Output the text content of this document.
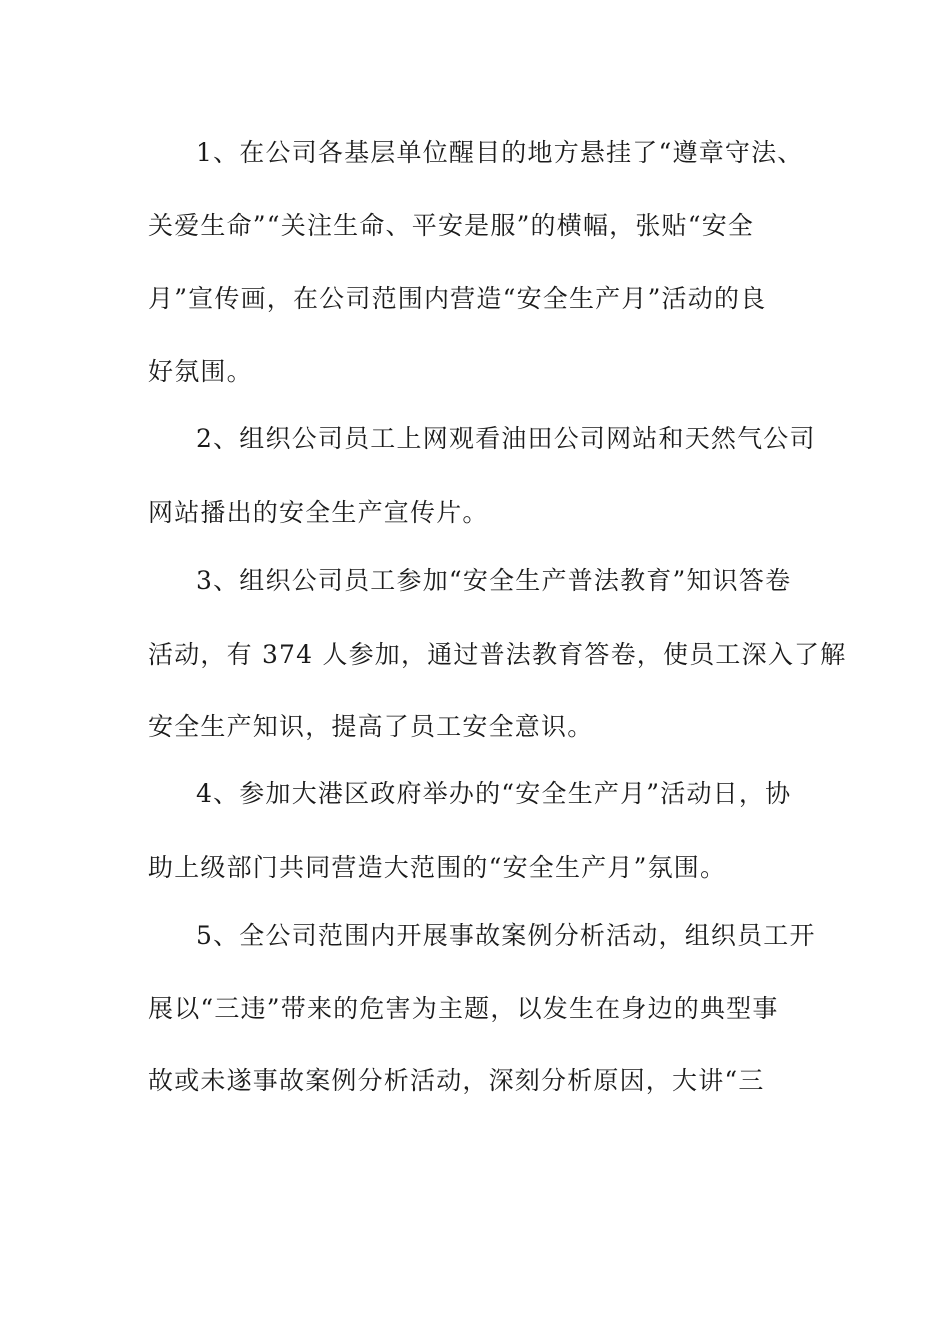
1、在公司各基层单位醒目的地方悬挂了“遵章守法、

关爱生命”“关注生命、平安是服”的横幅，张贴“安全

月”宣传画，在公司范围内营造“安全生产月”活动的良

好氛围。

2、组织公司员工上网观看油田公司网站和天然气公司

网站播出的安全生产宣传片。

3、组织公司员工参加“安全生产普法教育”知识答卷

活动，有 374 人参加，通过普法教育答卷，使员工深入了解

安全生产知识，提高了员工安全意识。

4、参加大港区政府举办的“安全生产月”活动日，协

助上级部门共同营造大范围的“安全生产月”氛围。

5、全公司范围内开展事故案例分析活动，组织员工开

展以“三违”带来的危害为主题，以发生在身边的典型事

故或未遂事故案例分析活动，深刻分析原因，大讲“三
